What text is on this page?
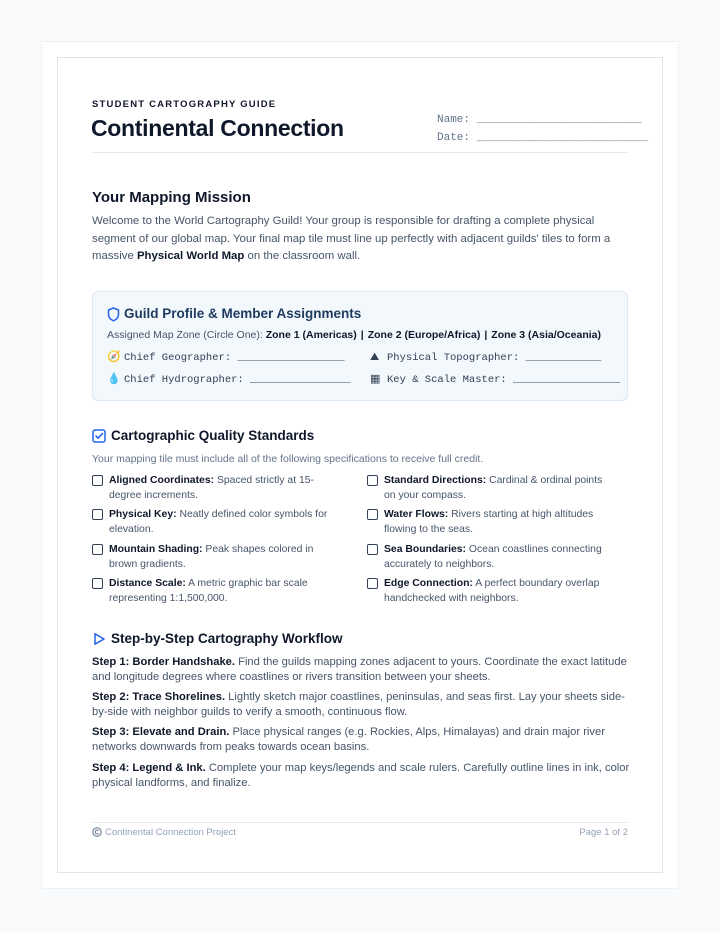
STUDENT CARTOGRAPHY GUIDE
Continental Connection	Name: _________________________
Date: __________________________
Your Mapping Mission
Welcome to the World Cartography Guild! Your group is responsible for drafting a complete physical segment of our global map. Your final map tile must line up perfectly with adjacent guilds' tiles to form a massive Physical World Map on the classroom wall.
Guild Profile & Member Assignments
Assigned Map Zone (Circle One): Zone 1 (Americas) | Zone 2 (Europe/Africa) | Zone 3 (Asia/Oceania)
🧭 Chief Geographer: _________________ ⛰ Physical Topographer: ____________
💧 Chief Hydrographer: ________________ ▦ Key & Scale Master: _________________
Cartographic Quality Standards
Your mapping tile must include all of the following specifications to receive full credit.
Aligned Coordinates: Spaced strictly at 15-degree increments.
Standard Directions: Cardinal & ordinal points on your compass.
Physical Key: Neatly defined color symbols for elevation.
Water Flows: Rivers starting at high altitudes flowing to the seas.
Mountain Shading: Peak shapes colored in brown gradients.
Sea Boundaries: Ocean coastlines connecting accurately to neighbors.
Distance Scale: A metric graphic bar scale representing 1:1,500,000.
Edge Connection: A perfect boundary overlap handchecked with neighbors.
Step-by-Step Cartography Workflow
Step 1: Border Handshake. Find the guilds mapping zones adjacent to yours. Coordinate the exact latitude and longitude degrees where coastlines or rivers transition between your sheets.
Step 2: Trace Shorelines. Lightly sketch major coastlines, peninsulas, and seas first. Lay your sheets side-by-side with neighbor guilds to verify a smooth, continuous flow.
Step 3: Elevate and Drain. Place physical ranges (e.g. Rockies, Alps, Himalayas) and drain major river networks downwards from peaks towards ocean basins.
Step 4: Legend & Ink. Complete your map keys/legends and scale rulers. Carefully outline lines in ink, color physical landforms, and finalize.
Continental Connection Project	Page 1 of 2
